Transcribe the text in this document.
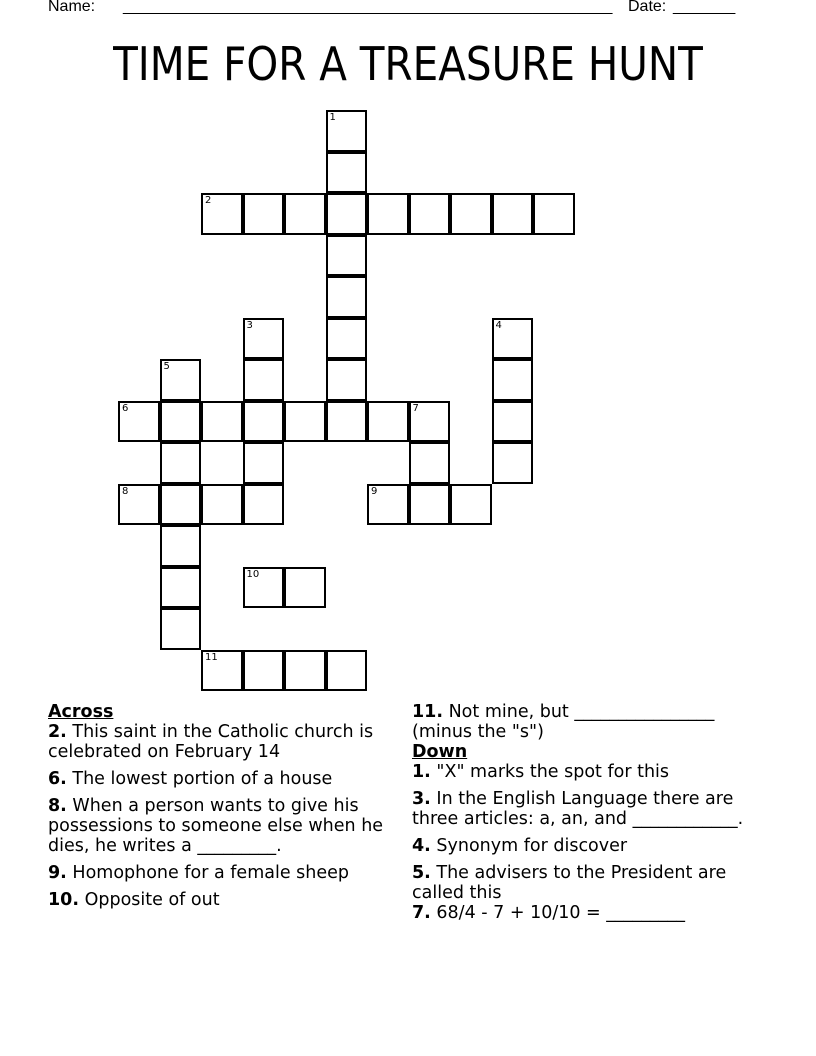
Name: _______________________________________________________ Date: _______
TIME FOR A TREASURE HUNT
1
2
3	4
5
6	7
8	9
10
11
Across
2. This saint in the Catholic church is celebrated on February 14
6. The lowest portion of a house
8. When a person wants to give his possessions to someone else when he dies, he writes a _________.
9. Homophone for a female sheep
10. Opposite of out
11. Not mine, but ________________ (minus the "s")
Down
1. "X" marks the spot for this
3. In the English Language there are three articles: a, an, and ____________.
4. Synonym for discover
5. The advisers to the President are called this
7. 68/4 - 7 + 10/10 = _________
